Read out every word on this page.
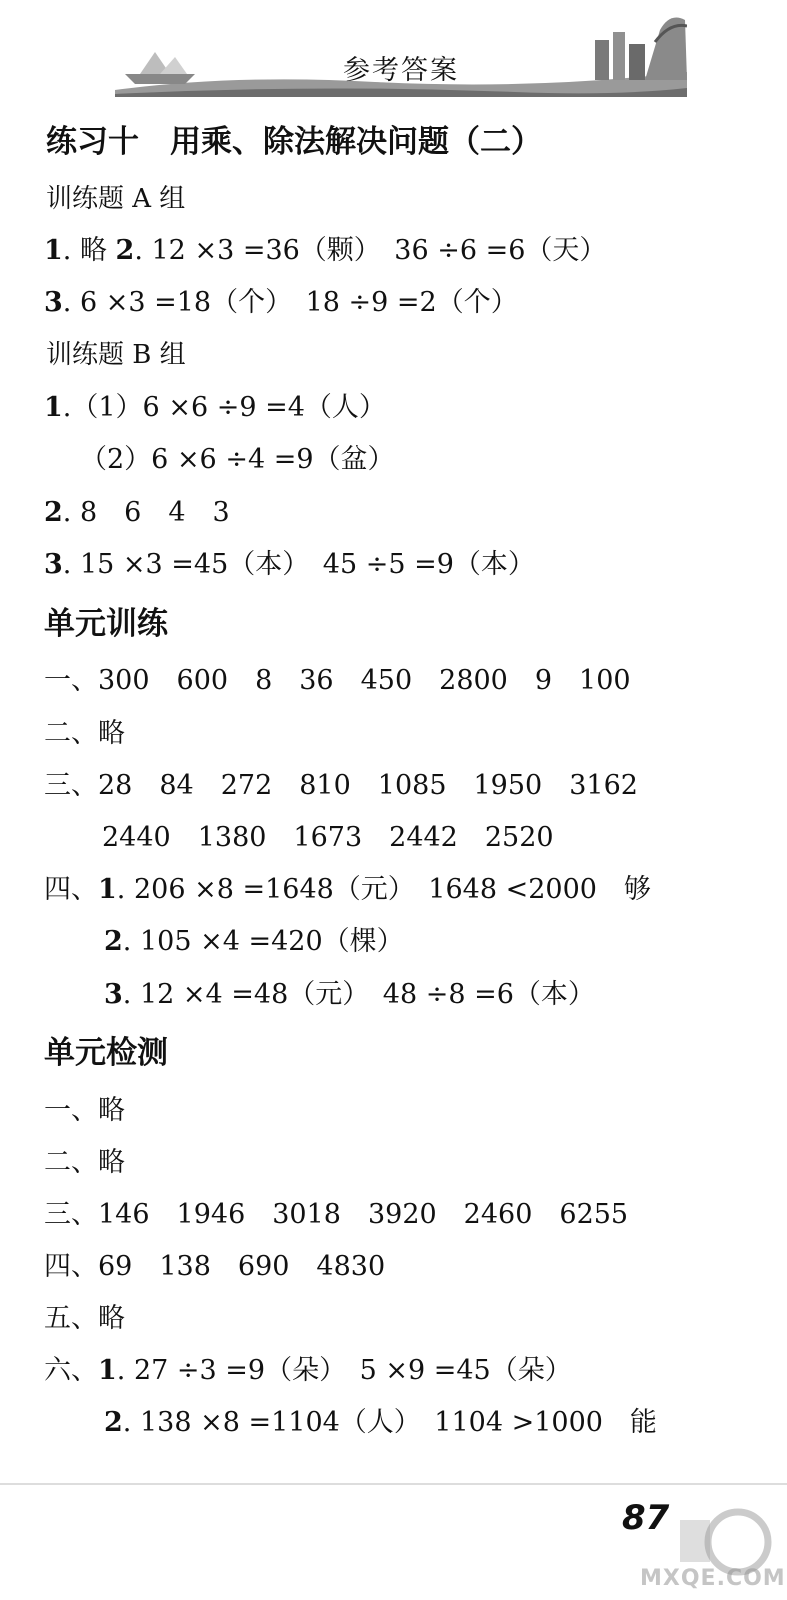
参考答案
练习十　用乘、除法解决问题（二）
训练题 A 组
1. 略 2. 12 ×3 =36（颗）　36 ÷6 =6（天）
3. 6 ×3 =18（个）　18 ÷9 =2（个）
训练题 B 组
1.（1）6 ×6 ÷9 =4（人）
（2）6 ×6 ÷4 =9（盆）
2. 8　6　4　3
3. 15 ×3 =45（本）　45 ÷5 =9（本）
单元训练
一、300　600　8　36　450　2800　9　100
二、略
三、28　84　272　810　1085　1950　3162
2440　1380　1673　2442　2520
四、1. 206 ×8 =1648（元）　1648 <2000　够
2. 105 ×4 =420（棵）
3. 12 ×4 =48（元）　48 ÷8 =6（本）
单元检测
一、略
二、略
三、146　1946　3018　3920　2460　6255
四、69　138　690　4830
五、略
六、1. 27 ÷3 =9（朵）　5 ×9 =45（朵）
2. 138 ×8 =1104（人）　1104 >1000　能
87
MXQE.COM
